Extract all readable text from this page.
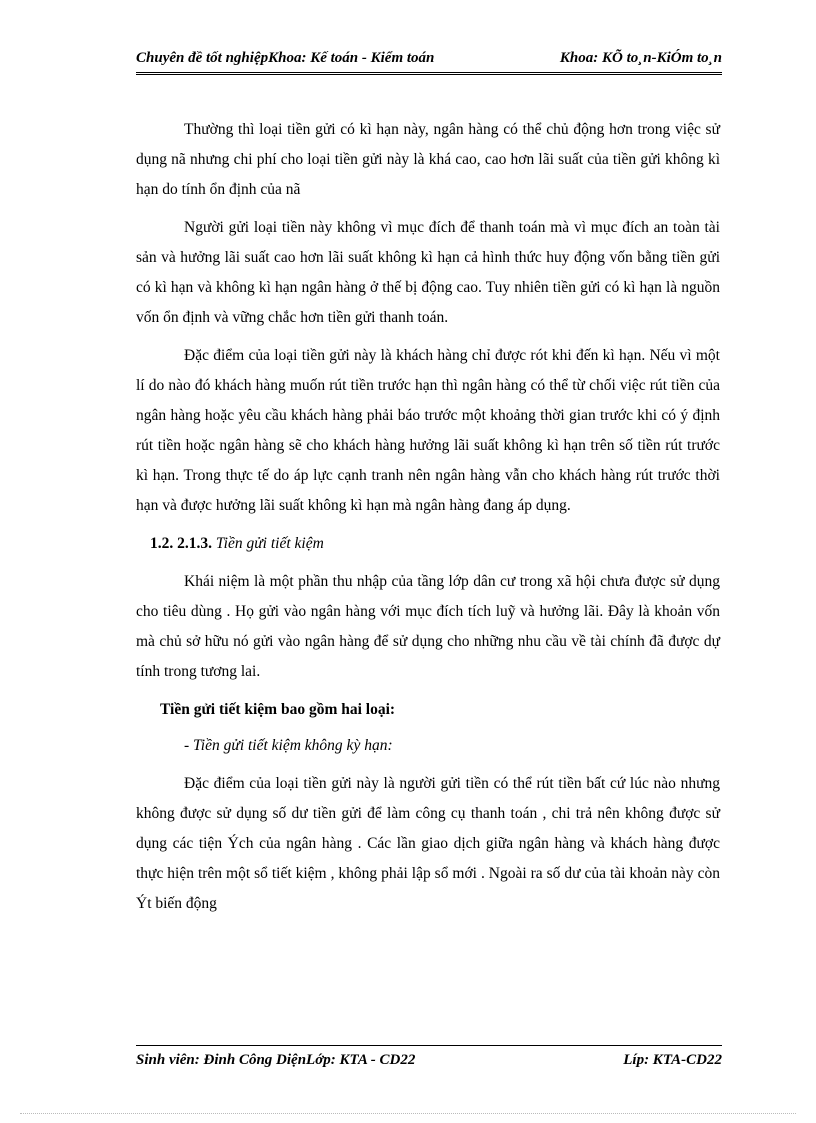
Chuyên đề tốt nghiệpKhoa: Kế toán - Kiểm toán	Khoa: KÕ to¸n-KiÓm to¸n

Thường thì loại tiền gửi có kì hạn này, ngân hàng có thể chủ động hơn trong việc sử dụng nã nhưng chi phí cho loại tiền gửi này là khá cao, cao hơn lãi suất của tiền gửi không kì hạn do tính ổn định của nã

Người gửi loại tiền này không vì mục đích để thanh toán mà vì mục đích an toàn tài sản và hưởng lãi suất cao hơn lãi suất không kì hạn cả hình thức huy động vốn bằng tiền gửi có kì hạn và không kì hạn ngân hàng ở thế bị động cao. Tuy nhiên tiền gửi có kì hạn là nguồn vốn ổn định và vững chắc hơn tiền gửi thanh toán.

Đặc điểm của loại tiền gửi này là khách hàng chỉ được rót khi đến kì hạn. Nếu vì một lí do nào đó khách hàng muốn rút tiền trước hạn thì ngân hàng có thể từ chối việc rút tiền của ngân hàng hoặc yêu cầu khách hàng phải báo trước một khoảng thời gian trước khi có ý định rút tiền hoặc ngân hàng sẽ cho khách hàng hưởng lãi suất không kì hạn trên số tiền rút trước kì hạn. Trong thực tế do áp lực cạnh tranh nên ngân hàng vẫn cho khách hàng rút trước thời hạn và được hưởng lãi suất không kì hạn mà ngân hàng đang áp dụng.

1.2. 2.1.3. Tiền gửi tiết kiệm

Khái niệm là một phần thu nhập của tầng lớp dân cư trong xã hội chưa được sử dụng cho tiêu dùng . Họ gửi vào ngân hàng với mục đích tích luỹ và hưởng lãi. Đây là khoản vốn mà chủ sở hữu nó gửi vào ngân hàng để sử dụng cho những nhu cầu về tài chính đã được dự tính trong tương lai.

Tiền gửi tiết kiệm bao gồm hai loại:

- Tiền gửi tiết kiệm không kỳ hạn:

Đặc điểm của loại tiền gửi này là người gửi tiền có thể rút tiền bất cứ lúc nào nhưng không được sử dụng số dư tiền gửi để làm công cụ thanh toán , chi trả nên không được sử dụng các tiện Ých của ngân hàng . Các lần giao dịch giữa ngân hàng và khách hàng được thực hiện trên một sổ tiết kiệm , không phải lập sổ mới . Ngoài ra số dư của tài khoản này còn Ýt biến động

Sinh viên: Đinh Công DiệnLớp: KTA - CD22	Líp: KTA-CD22
